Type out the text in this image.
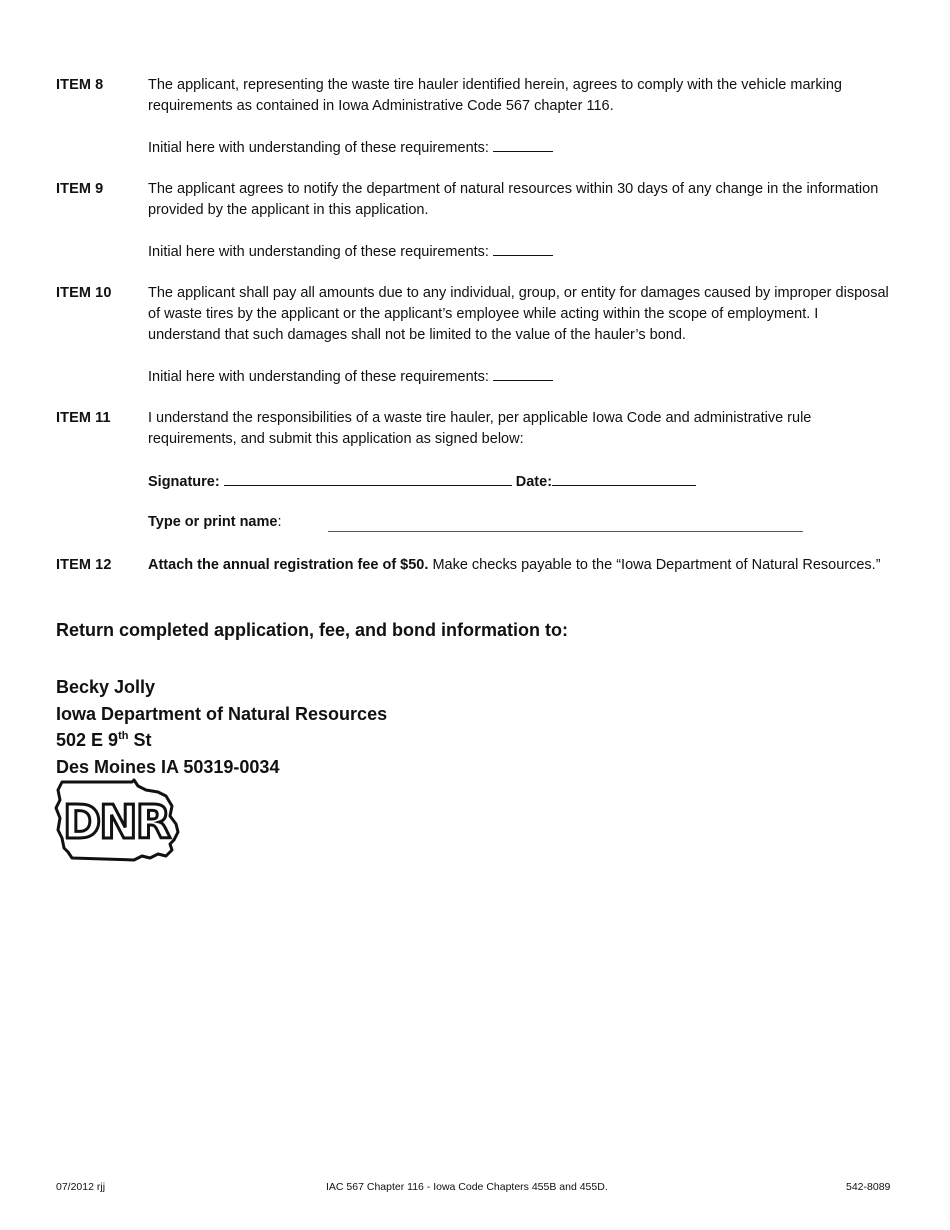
ITEM 8	The applicant, representing the waste tire hauler identified herein, agrees to comply with the vehicle marking requirements as contained in Iowa Administrative Code 567 chapter 116.
Initial here with understanding of these requirements:
ITEM 9	The applicant agrees to notify the department of natural resources within 30 days of any change in the information provided by the applicant in this application.
Initial here with understanding of these requirements:
ITEM 10	The applicant shall pay all amounts due to any individual, group, or entity for damages caused by improper disposal of waste tires by the applicant or the applicant’s employee while acting within the scope of employment. I understand that such damages shall not be limited to the value of the hauler’s bond.
Initial here with understanding of these requirements:
ITEM 11	I understand the responsibilities of a waste tire hauler, per applicable Iowa Code and administrative rule requirements, and submit this application as signed below:
Signature:	Date:
Type or print name:
ITEM 12	Attach the annual registration fee of $50. Make checks payable to the “Iowa Department of Natural Resources.”
Return completed application, fee, and bond information to:
Becky Jolly
Iowa Department of Natural Resources
502 E 9th St
Des Moines IA 50319-0034
DNR
07/2012 rjj	IAC 567 Chapter 116 - Iowa Code Chapters 455B and 455D.	542-8089
